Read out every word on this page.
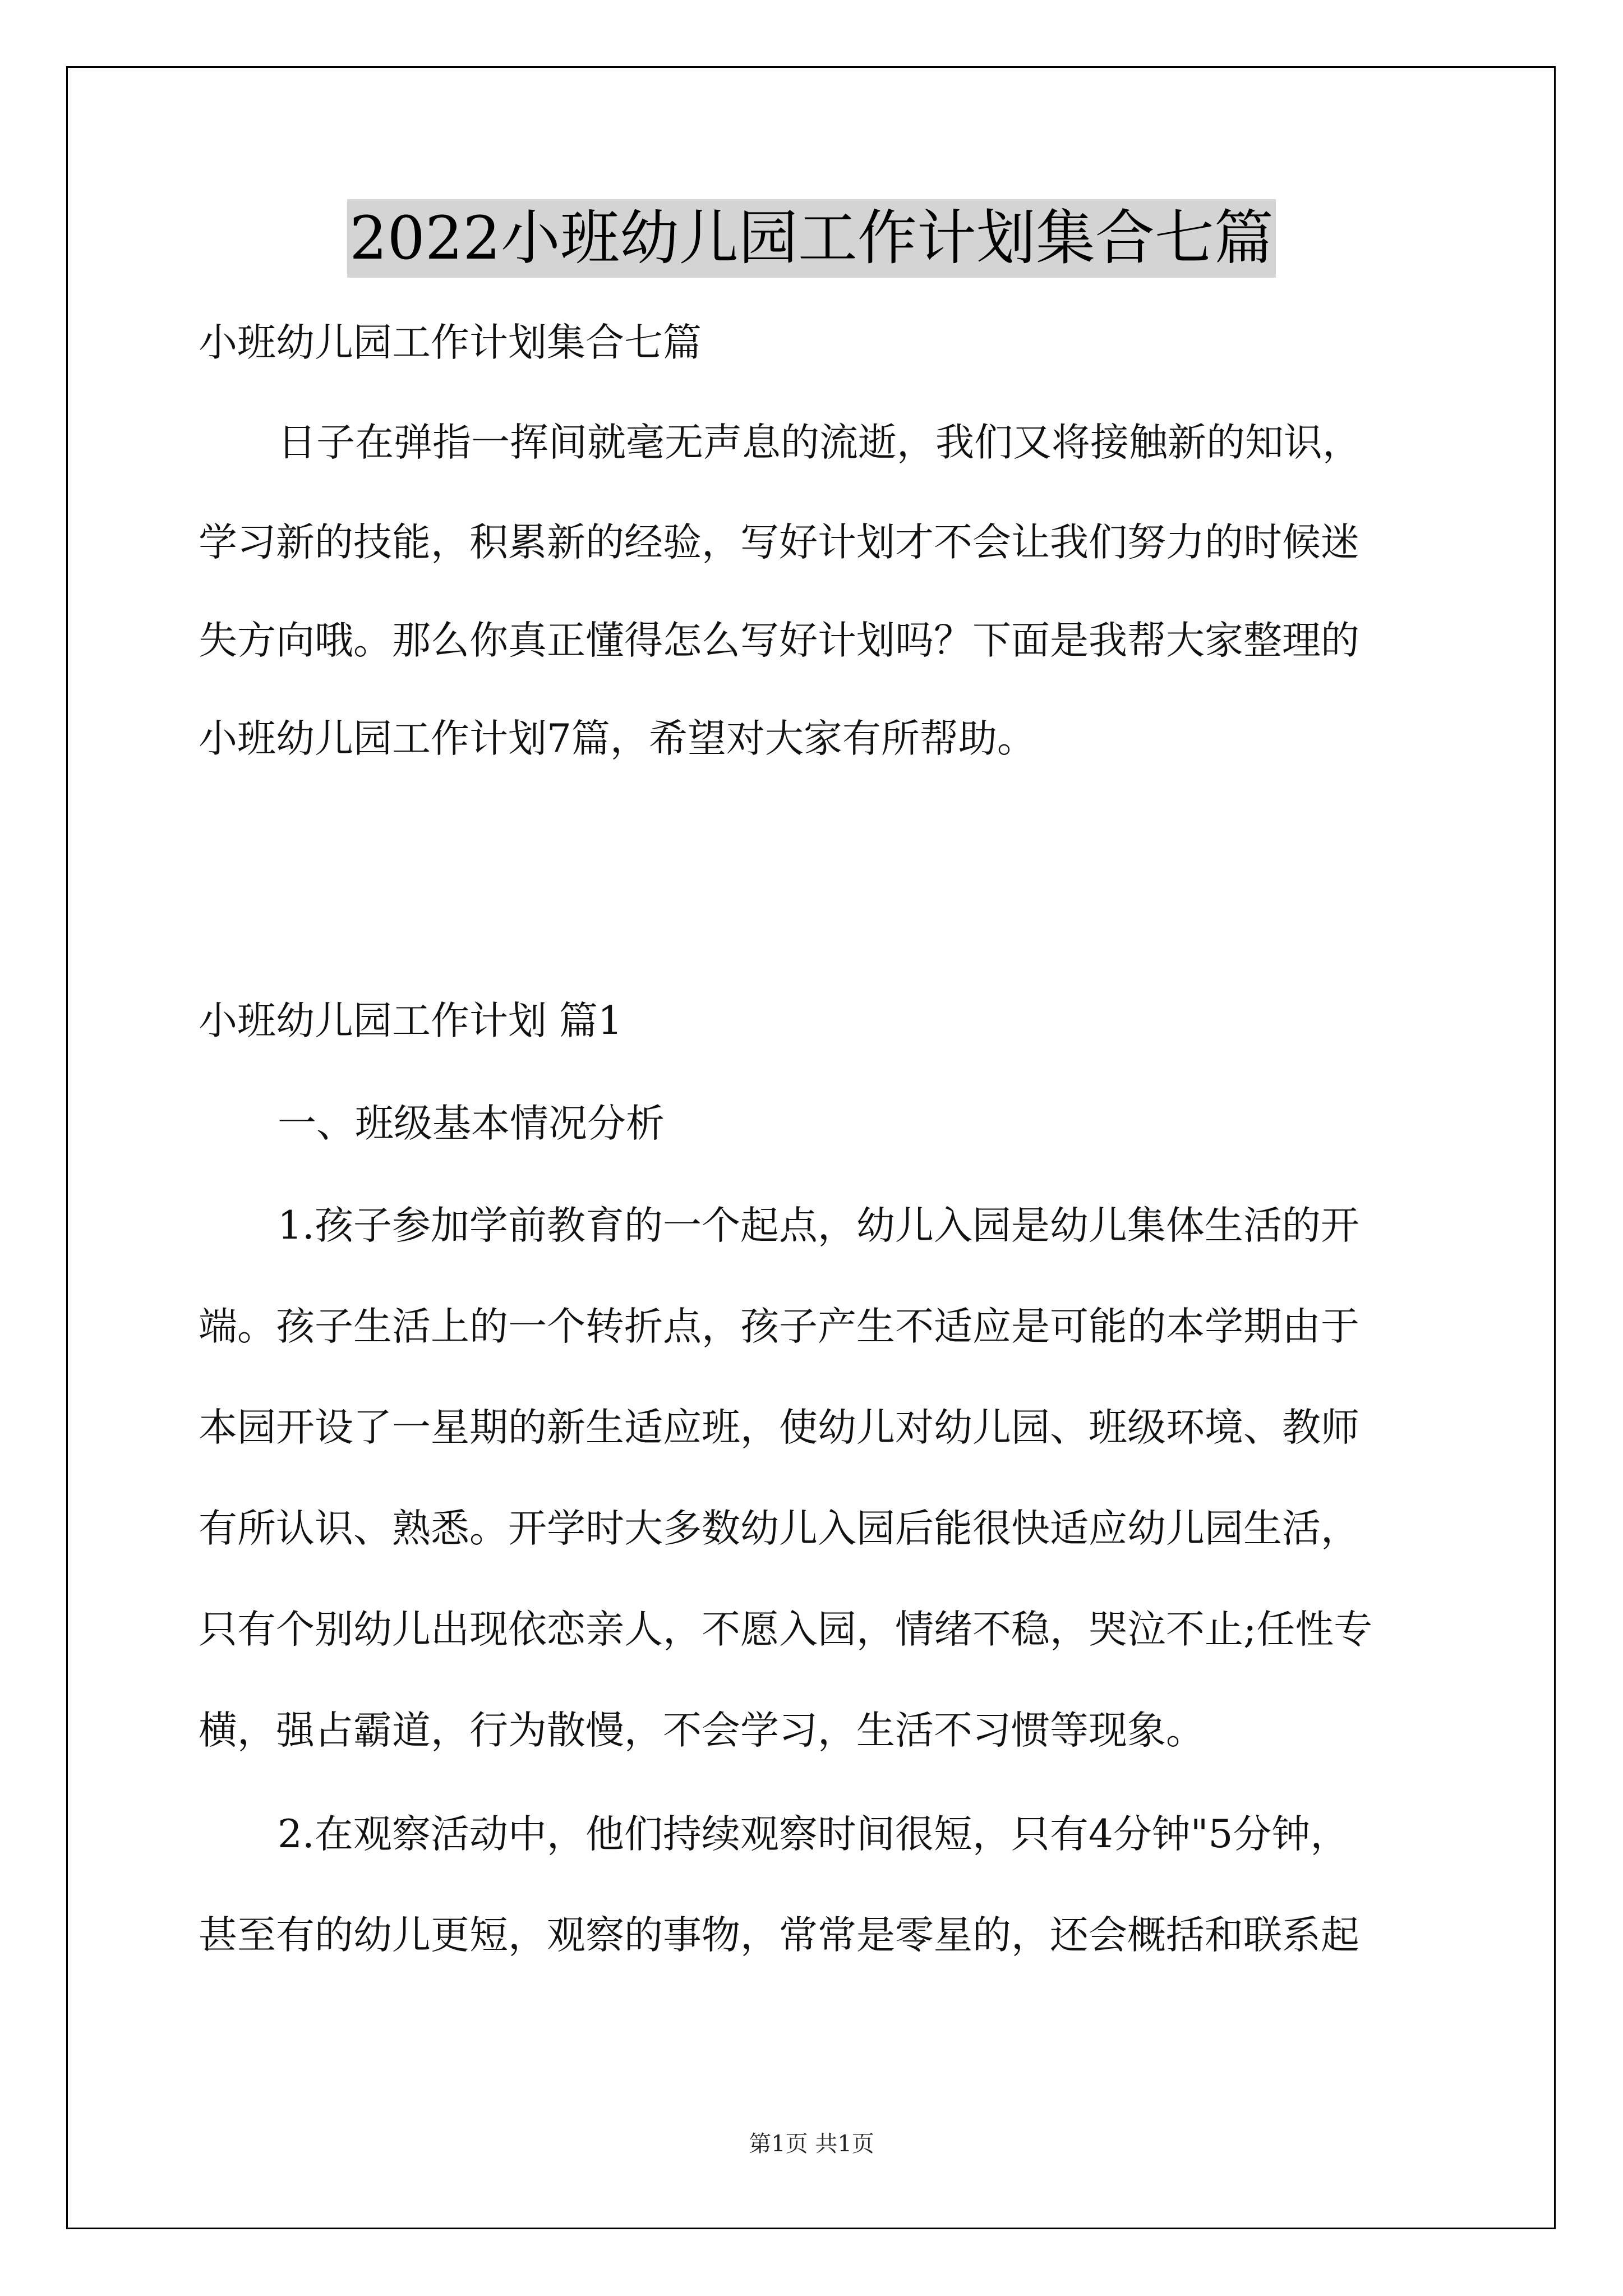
2022小班幼儿园工作计划集合七篇
小班幼儿园工作计划集合七篇
日子在弹指一挥间就毫无声息的流逝，我们又将接触新的知识，
学习新的技能，积累新的经验，写好计划才不会让我们努力的时候迷
失方向哦。那么你真正懂得怎么写好计划吗？下面是我帮大家整理的
小班幼儿园工作计划7篇，希望对大家有所帮助。
小班幼儿园工作计划 篇1
一、班级基本情况分析
1.孩子参加学前教育的一个起点，幼儿入园是幼儿集体生活的开
端。孩子生活上的一个转折点，孩子产生不适应是可能的本学期由于
本园开设了一星期的新生适应班，使幼儿对幼儿园、班级环境、教师
有所认识、熟悉。开学时大多数幼儿入园后能很快适应幼儿园生活，
只有个别幼儿出现依恋亲人，不愿入园，情绪不稳，哭泣不止;任性专
横，强占霸道，行为散慢，不会学习，生活不习惯等现象。
2.在观察活动中，他们持续观察时间很短，只有4分钟"5分钟，
甚至有的幼儿更短，观察的事物，常常是零星的，还会概括和联系起
第1页 共1页
